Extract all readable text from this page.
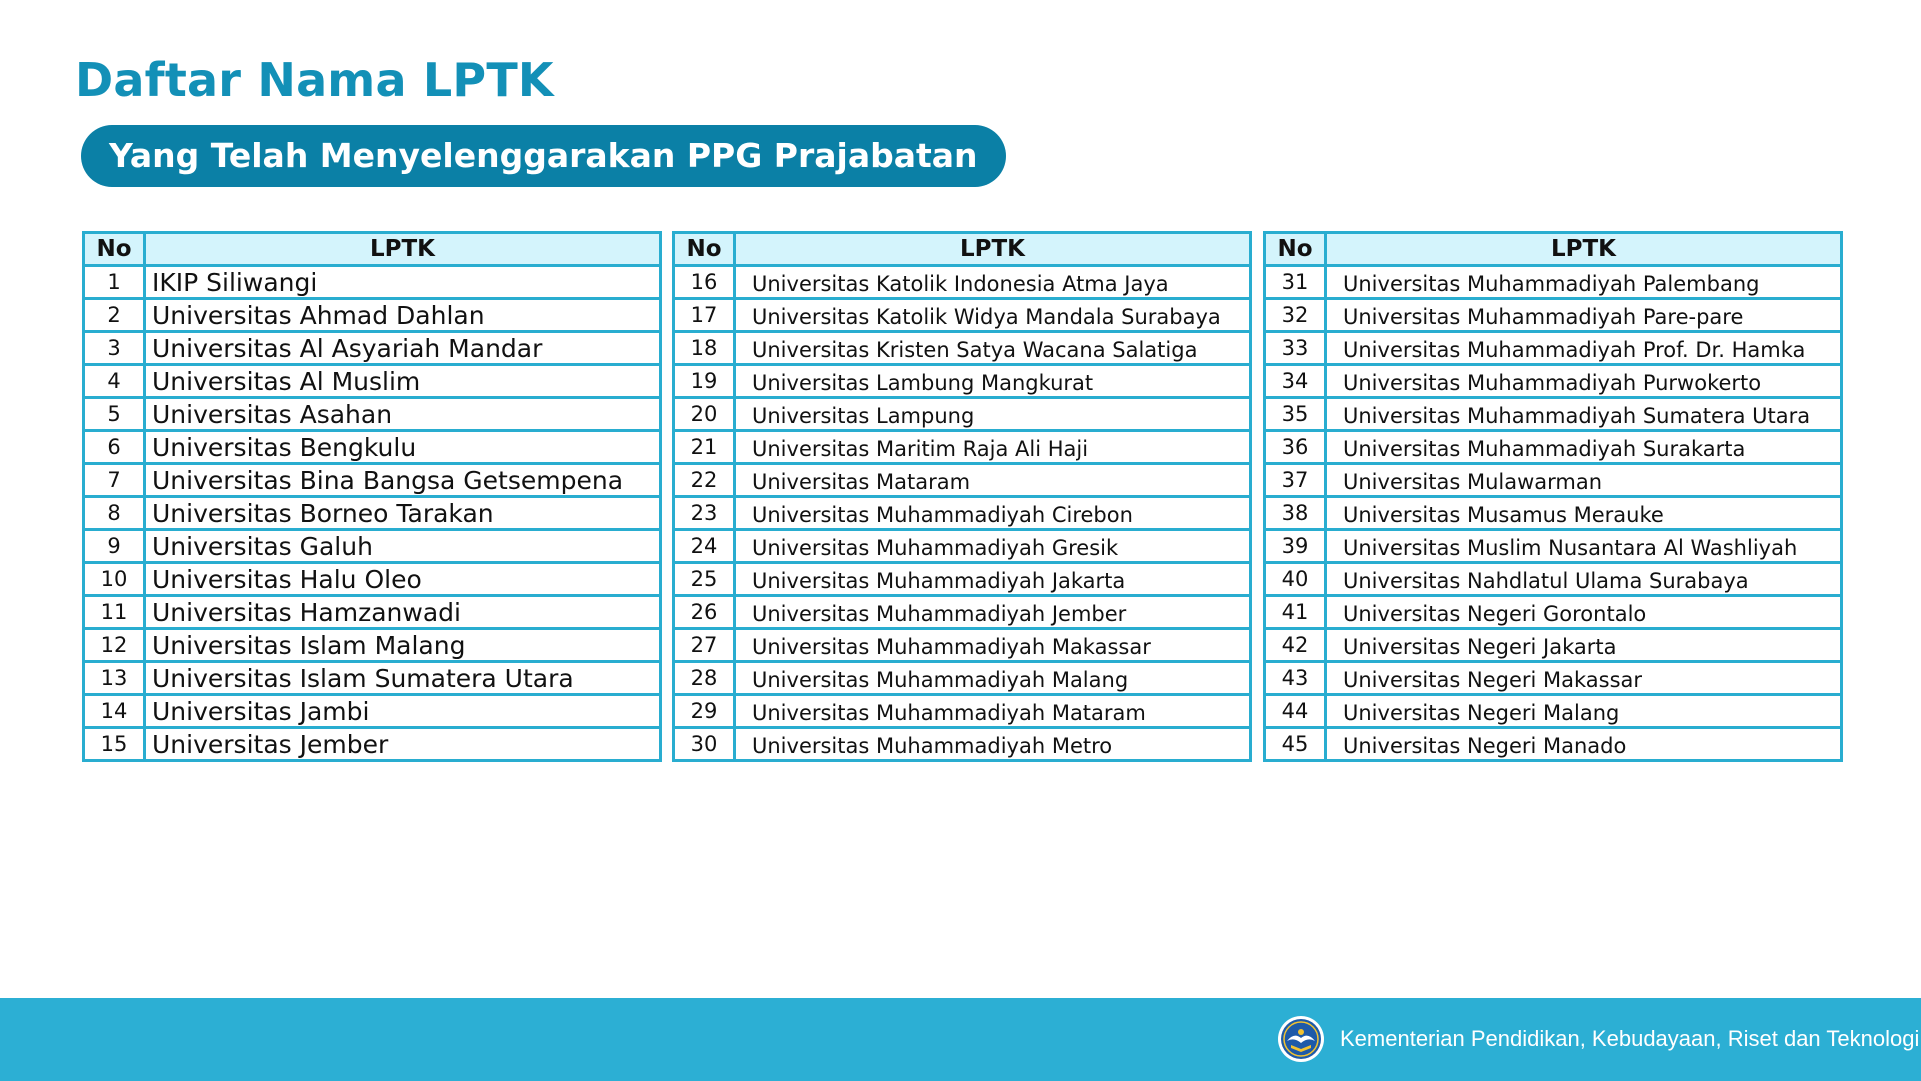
Daftar Nama LPTK
Yang Telah Menyelenggarakan PPG Prajabatan
No	LPTK
1	IKIP Siliwangi
2	Universitas Ahmad Dahlan
3	Universitas Al Asyariah Mandar
4	Universitas Al Muslim
5	Universitas Asahan
6	Universitas Bengkulu
7	Universitas Bina Bangsa Getsempena
8	Universitas Borneo Tarakan
9	Universitas Galuh
10	Universitas Halu Oleo
11	Universitas Hamzanwadi
12	Universitas Islam Malang
13	Universitas Islam Sumatera Utara
14	Universitas Jambi
15	Universitas Jember
No	LPTK
16	Universitas Katolik Indonesia Atma Jaya
17	Universitas Katolik Widya Mandala Surabaya
18	Universitas Kristen Satya Wacana Salatiga
19	Universitas Lambung Mangkurat
20	Universitas Lampung
21	Universitas Maritim Raja Ali Haji
22	Universitas Mataram
23	Universitas Muhammadiyah Cirebon
24	Universitas Muhammadiyah Gresik
25	Universitas Muhammadiyah Jakarta
26	Universitas Muhammadiyah Jember
27	Universitas Muhammadiyah Makassar
28	Universitas Muhammadiyah Malang
29	Universitas Muhammadiyah Mataram
30	Universitas Muhammadiyah Metro
No	LPTK
31	Universitas Muhammadiyah Palembang
32	Universitas Muhammadiyah Pare-pare
33	Universitas Muhammadiyah Prof. Dr. Hamka
34	Universitas Muhammadiyah Purwokerto
35	Universitas Muhammadiyah Sumatera Utara
36	Universitas Muhammadiyah Surakarta
37	Universitas Mulawarman
38	Universitas Musamus Merauke
39	Universitas Muslim Nusantara Al Washliyah
40	Universitas Nahdlatul Ulama Surabaya
41	Universitas Negeri Gorontalo
42	Universitas Negeri Jakarta
43	Universitas Negeri Makassar
44	Universitas Negeri Malang
45	Universitas Negeri Manado
Kementerian Pendidikan, Kebudayaan, Riset dan Teknologi
